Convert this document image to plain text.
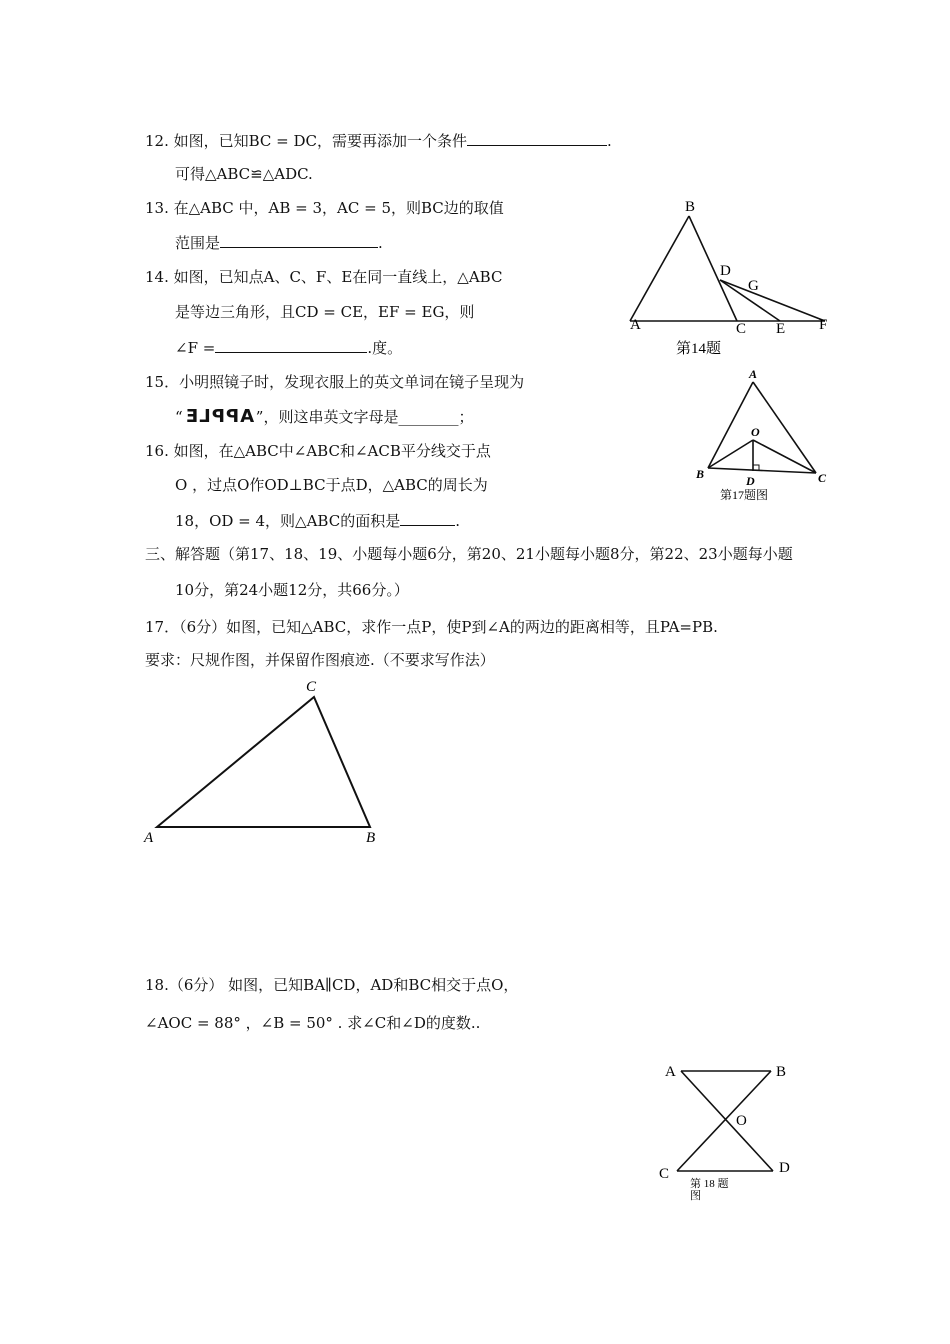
12. 如图，已知BC = DC，需要再添加一个条件	.
可得△ABC≌△ADC.
13. 在△ABC 中，AB = 3，AC = 5，则BC边的取值
范围是	.
14. 如图，已知点A、C、F、E在同一直线上，△ABC
是等边三角形，且CD = CE，EF = EG，则
∠F =	.度。
15．小明照镜子时，发现衣服上的英文单词在镜子呈现为
“ APPLE ”，则这串英文字母是________；
16. 如图，在△ABC中∠ABC和∠ACB平分线交于点
O ，过点O作OD⊥BC于点D，△ABC的周长为
18，OD = 4，则△ABC的面积是	.
三、解答题（第17、18、19、小题每小题6分，第20、21小题每小题8分，第22、23小题每小题
10分，第24小题12分，共66分。）
17．（6分）如图，已知△ABC，求作一点P，使P到∠A的两边的距离相等，且PA=PB.
要求：尺规作图，并保留作图痕迹.（不要求写作法）
18.（6分） 如图，已知BA∥CD，AD和BC相交于点O，
∠AOC = 88° ，∠B = 50° . 求∠C和∠D的度数..
B
D
G
A	C E F
第14题
A
O
B	D	C
第17题图
C
A	B
A	B
O
C	D
第 18 题
图
